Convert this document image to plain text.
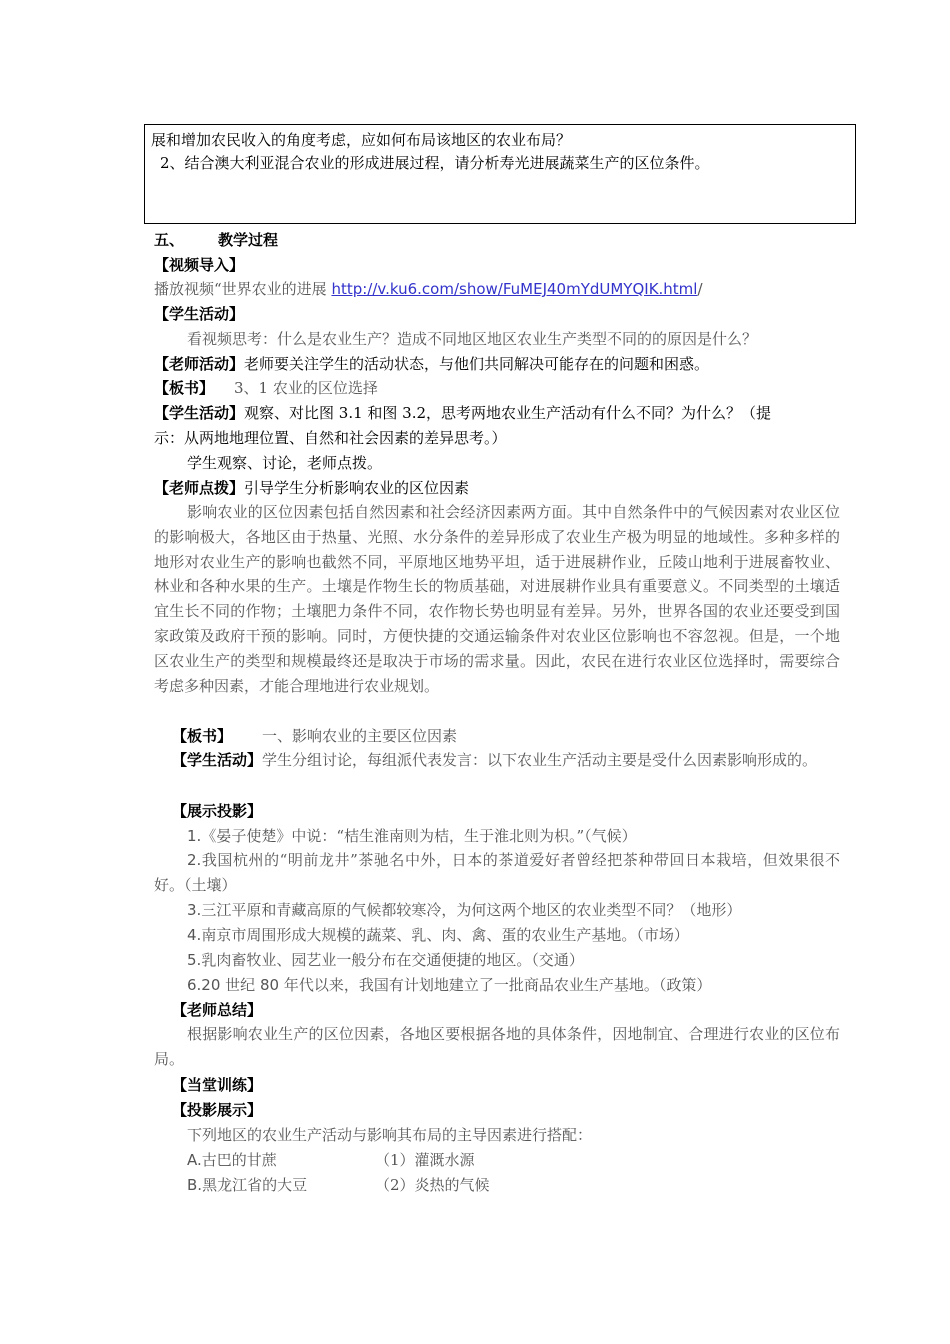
展和增加农民收入的角度考虑，应如何布局该地区的农业布局？
2、结合澳大利亚混合农业的形成进展过程，请分析寿光进展蔬菜生产的区位条件。
五、 教学过程
【视频导入】
播放视频“世界农业的进展 http://v.ku6.com/show/FuMEJ40mYdUMYQIK.html/
【学生活动】
看视频思考：什么是农业生产？造成不同地区地区农业生产类型不同的的原因是什么？
【老师活动】老师要关注学生的活动状态，与他们共同解决可能存在的问题和困惑。
【板书】 3、1 农业的区位选择
【学生活动】观察、对比图 3.1 和图 3.2，思考两地农业生产活动有什么不同？为什么？（提
示：从两地地理位置、自然和社会因素的差异思考。）
学生观察、讨论，老师点拨。
【老师点拨】引导学生分析影响农业的区位因素
影响农业的区位因素包括自然因素和社会经济因素两方面。其中自然条件中的气候因素对农业区位的影响极大，各地区由于热量、光照、水分条件的差异形成了农业生产极为明显的地域性。多种多样的地形对农业生产的影响也截然不同，平原地区地势平坦，适于进展耕作业，丘陵山地利于进展畜牧业、林业和各种水果的生产。土壤是作物生长的物质基础，对进展耕作业具有重要意义。不同类型的土壤适宜生长不同的作物；土壤肥力条件不同，农作物长势也明显有差异。另外，世界各国的农业还要受到国家政策及政府干预的影响。同时，方便快捷的交通运输条件对农业区位影响也不容忽视。但是，一个地区农业生产的类型和规模最终还是取决于市场的需求量。因此，农民在进行农业区位选择时，需要综合考虑多种因素，才能合理地进行农业规划。
【板书】 一、影响农业的主要区位因素
【学生活动】学生分组讨论，每组派代表发言：以下农业生产活动主要是受什么因素影响形成的。
【展示投影】
1.《晏子使楚》中说：“桔生淮南则为桔，生于淮北则为枳。”（气候）
2.我国杭州的“明前龙井”茶驰名中外，日本的茶道爱好者曾经把茶种带回日本栽培，但效果很不好。（土壤）
3.三江平原和青藏高原的气候都较寒冷，为何这两个地区的农业类型不同？（地形）
4.南京市周围形成大规模的蔬菜、乳、肉、禽、蛋的农业生产基地。（市场）
5.乳肉畜牧业、园艺业一般分布在交通便捷的地区。（交通）
6.20 世纪 80 年代以来，我国有计划地建立了一批商品农业生产基地。（政策）
【老师总结】
根据影响农业生产的区位因素，各地区要根据各地的具体条件，因地制宜、合理进行农业的区位布局。
【当堂训练】
【投影展示】
下列地区的农业生产活动与影响其布局的主导因素进行搭配：
A.古巴的甘蔗	（1）灌溉水源
B.黑龙江省的大豆	（2）炎热的气候
